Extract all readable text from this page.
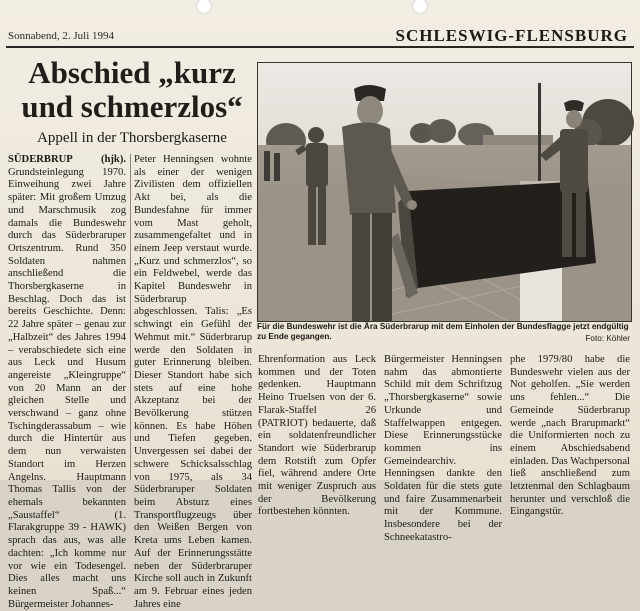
Sonnabend, 2. Juli 1994	SCHLESWIG-FLENSBURG
Abschied „kurz
und schmerzlos“
Appell in der Thorsbergkaserne
SÜDERBRUP (hjk). Grundsteinlegung 1970. Einweihung zwei Jahre später: Mit großem Umzug und Marschmusik zog damals die Bundeswehr durch das Süderbraruper Ortszentrum. Rund 350 Soldaten nahmen anschließend die Thorsbergkaserne in Beschlag. Doch das ist bereits Geschichte. Denn: 22 Jahre später – genau zur „Halbzeit“ des Jahres 1994 – verabschiedete sich eine aus Leck und Husum angereiste „Kleingruppe“ von 20 Mann an der gleichen Stelle und verschwand – ganz ohne Tschingderassabum – wie durch die Hintertür aus dem nun verwaisten Standort im Herzen Angelns. Hauptmann Thomas Tallis von der ehemals bekannten „Saustaffel“ (1. Flarakgruppe 39 - HAWK) sprach das aus, was alle dachten: „Ich komme nur vor wie ein Todesengel. Dies alles macht uns keinen Spaß...“ Bürgermeister Johannes-
Peter Henningsen wohnte als einer der wenigen Zivilisten dem offiziellen Akt bei, als die Bundesfahne für immer vom Mast geholt, zusammengefaltet und in einem Jeep verstaut wurde. „Kurz und schmerzlos“, so ein Feldwebel, werde das Kapitel Bundeswehr in Süderbrarup abgeschlossen. Talis: „Es schwingt ein Gefühl der Wehmut mit.“ Süderbrarup werde den Soldaten in guter Erinnerung bleiben. Dieser Standort habe sich stets auf eine hohe Akzeptanz bei der Bevölkerung stützen können. Es habe Höhen und Tiefen gegeben. Unvergessen sei dabei der schwere Schicksalsschlag von 1975, als 34 Süderbraruper Soldaten beim Absturz eines Transportflugzeugs über den Weißen Bergen von Kreta ums Leben kamen. Auf der Erinnerungsstätte neben der Süderbraruper Kirche soll auch in Zukunft am 9. Februar eines jeden Jahres eine
Für die Bundeswehr ist die Ära Süderbrarup mit dem Einholen der Bundesflagge jetzt endgültig zu Ende gegangen.	Foto: Köhler
Ehrenformation aus Leck kommen und der Toten gedenken. Hauptmann Heino Truelsen von der 6. Flarak-Staffel 26 (PATRIOT) bedauerte, daß ein soldatenfreundlicher Standort wie Süderbrarup dem Rotstift zum Opfer fiel, während andere Orte mit weniger Zuspruch aus der Bevölkerung fortbestehen könnten.
Bürgermeister Henningsen nahm das abmontierte Schild mit dem Schriftzug „Thorsbergkaserne“ sowie Urkunde und Staffelwappen entgegen. Diese Erinnerungsstücke kommen ins Gemeindearchiv. Henningsen dankte den Soldaten für die stets gute und faire Zusammenarbeit mit der Kommune. Insbesondere bei der Schneekatastro-
phe 1979/80 habe die Bundeswehr vielen aus der Not geholfen. „Sie werden uns fehlen...“ Die Gemeinde Süderbrarup werde „nach Brarupmarkt“ die Uniformierten noch zu einem Abschiedsabend einladen. Das Wachpersonal ließ anschließend zum letztenmal den Schlagbaum herunter und verschloß die Eingangstür.
